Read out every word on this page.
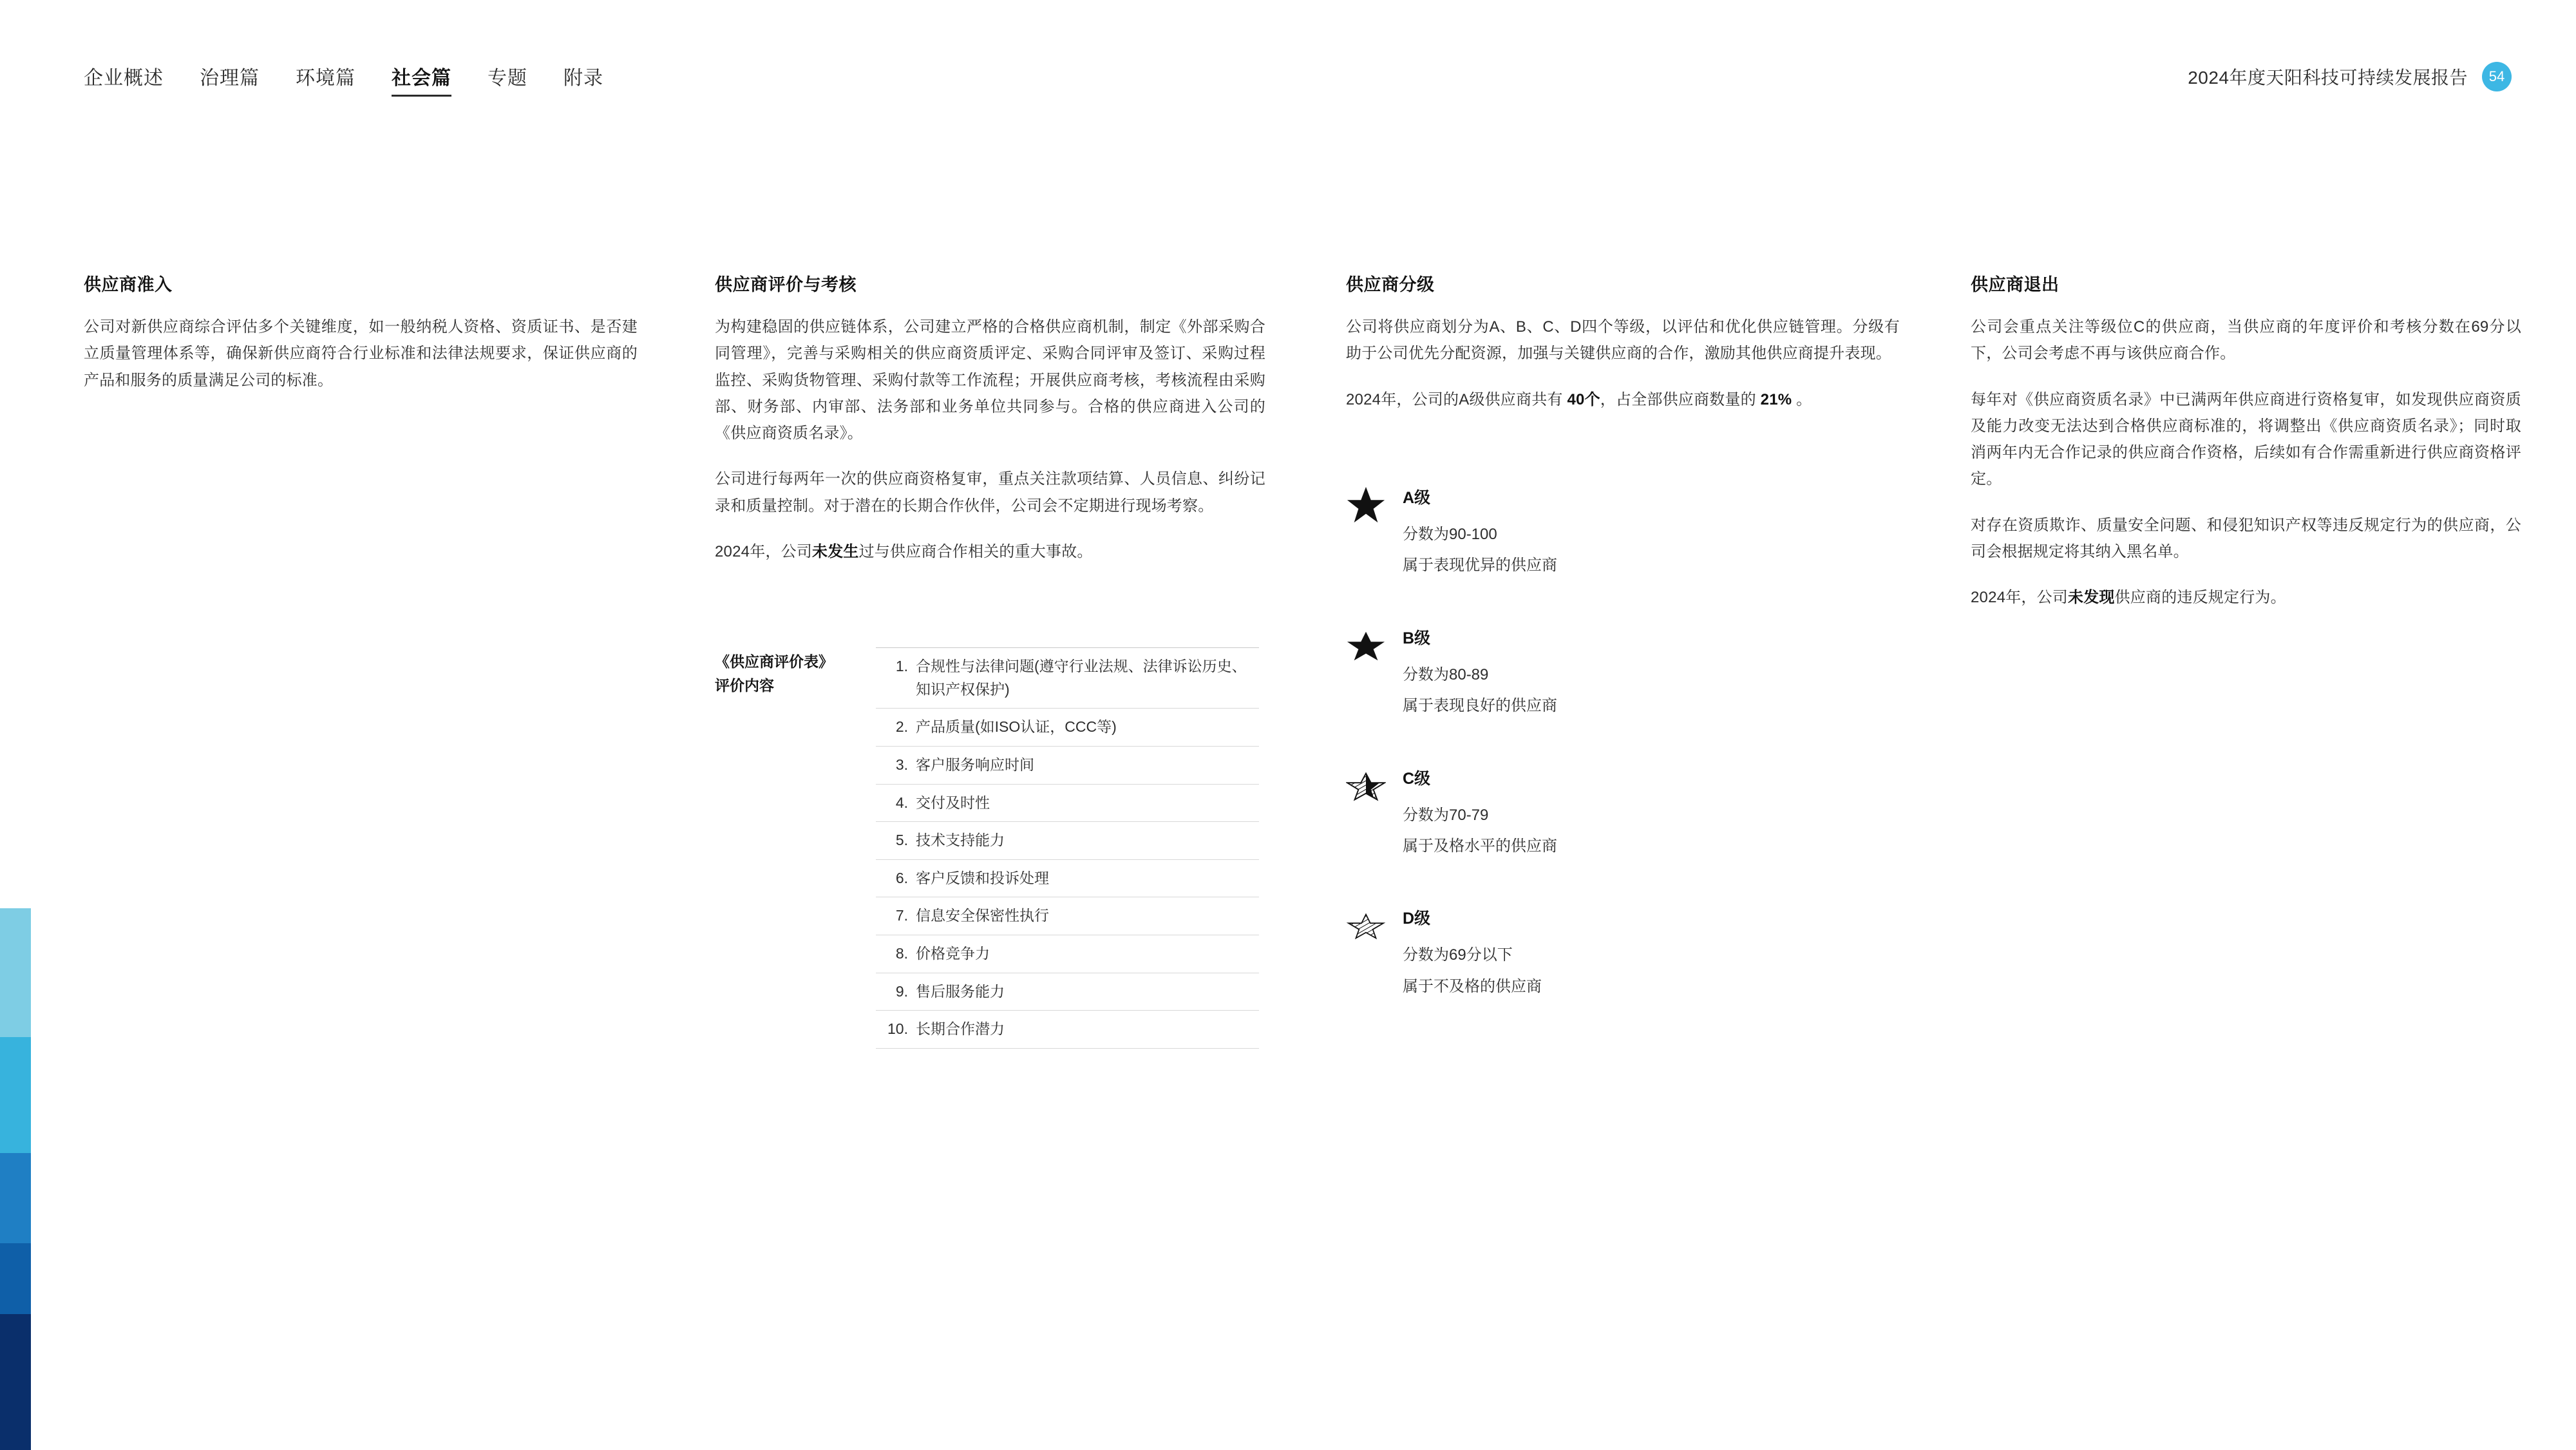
企业概述 治理篇 环境篇 社会篇 专题 附录	2024年度天阳科技可持续发展报告	54
供应商准入

公司对新供应商综合评估多个关键维度，如一般纳税人资格、资质证书、是否建立质量管理体系等，确保新供应商符合行业标准和法律法规要求，保证供应商的产品和服务的质量满足公司的标准。

供应商评价与考核

为构建稳固的供应链体系，公司建立严格的合格供应商机制，制定《外部采购合同管理》，完善与采购相关的供应商资质评定、采购合同评审及签订、采购过程监控、采购货物管理、采购付款等工作流程；开展供应商考核，考核流程由采购部、财务部、内审部、法务部和业务单位共同参与。合格的供应商进入公司的《供应商资质名录》。

公司进行每两年一次的供应商资格复审，重点关注款项结算、人员信息、纠纷记录和质量控制。对于潜在的长期合作伙伴，公司会不定期进行现场考察。

2024年，公司未发生过与供应商合作相关的重大事故。

《供应商评价表》
评价内容
1. 合规性与法律问题(遵守行业法规、法律诉讼历史、知识产权保护)
2. 产品质量(如ISO认证，CCC等)
3. 客户服务响应时间
4. 交付及时性
5. 技术支持能力
6. 客户反馈和投诉处理
7. 信息安全保密性执行
8. 价格竞争力
9. 售后服务能力
10. 长期合作潜力
供应商分级

公司将供应商划分为A、B、C、D四个等级，以评估和优化供应链管理。分级有助于公司优先分配资源，加强与关键供应商的合作，激励其他供应商提升表现。

2024年，公司的A级供应商共有 40个，占全部供应商数量的 21% 。

A级
分数为90-100
属于表现优异的供应商
B级
分数为80-89
属于表现良好的供应商
C级
分数为70-79
属于及格水平的供应商
D级
分数为69分以下
属于不及格的供应商
供应商退出

公司会重点关注等级位C的供应商，当供应商的年度评价和考核分数在69分以下，公司会考虑不再与该供应商合作。

每年对《供应商资质名录》中已满两年供应商进行资格复审，如发现供应商资质及能力改变无法达到合格供应商标准的，将调整出《供应商资质名录》；同时取消两年内无合作记录的供应商合作资格，后续如有合作需重新进行供应商资格评定。

对存在资质欺诈、质量安全问题、和侵犯知识产权等违反规定行为的供应商，公司会根据规定将其纳入黑名单。

2024年，公司未发现供应商的违反规定行为。
